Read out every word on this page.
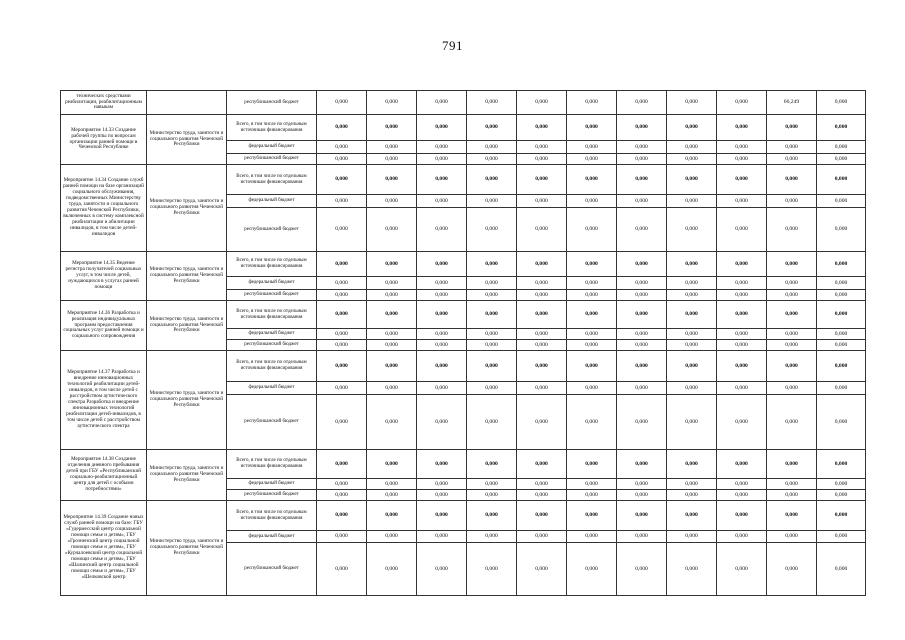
791
технических средствами реабилитации, реабилитационным навыкам		республиканский бюджет	0,000	0,000	0,000	0,000	0,000	0,000	0,000	0,000	0,000	66,249	0,000
Мероприятие 14.33 Создание рабочей группы по вопросам организации ранней помощи в Чеченской Республике	Министерство труда, занятости и социального развития Чеченской Республики	Всего, в том числе по отдельным источникам финансирования	0,000	0,000	0,000	0,000	0,000	0,000	0,000	0,000	0,000	0,000	0,000
		федеральный бюджет	0,000	0,000	0,000	0,000	0,000	0,000	0,000	0,000	0,000	0,000	0,000
		республиканский бюджет	0,000	0,000	0,000	0,000	0,000	0,000	0,000	0,000	0,000	0,000	0,000
Мероприятие 14.34 Создание служб ранней помощи на базе организаций социального обслуживания, подведомственных Министерству труда, занятости и социального развития Чеченской Республики, включенных в систему комплексной реабилитации и абилитации инвалидов, в том числе детей-инвалидов	Министерство труда, занятости и социального развития Чеченской Республики	Всего, в том числе по отдельным источникам финансирования	0,000	0,000	0,000	0,000	0,000	0,000	0,000	0,000	0,000	0,000	0,000
		федеральный бюджет	0,000	0,000	0,000	0,000	0,000	0,000	0,000	0,000	0,000	0,000	0,000
		республиканский бюджет	0,000	0,000	0,000	0,000	0,000	0,000	0,000	0,000	0,000	0,000	0,000
Мероприятие 14.35 Ведение регистра получателей социальных услуг, в том числе детей, нуждающихся в услугах ранней помощи	Министерство труда, занятости и социального развития Чеченской Республики	Всего, в том числе по отдельным источникам финансирования	0,000	0,000	0,000	0,000	0,000	0,000	0,000	0,000	0,000	0,000	0,000
		федеральный бюджет	0,000	0,000	0,000	0,000	0,000	0,000	0,000	0,000	0,000	0,000	0,000
		республиканский бюджет	0,000	0,000	0,000	0,000	0,000	0,000	0,000	0,000	0,000	0,000	0,000
Мероприятие 14.36 Разработка и реализация индивидуальных программ предоставления социальных услуг ранней помощи и социального сопровождения	Министерство труда, занятости и социального развития Чеченской Республики	Всего, в том числе по отдельным источникам финансирования	0,000	0,000	0,000	0,000	0,000	0,000	0,000	0,000	0,000	0,000	0,000
		федеральный бюджет	0,000	0,000	0,000	0,000	0,000	0,000	0,000	0,000	0,000	0,000	0,000
		республиканский бюджет	0,000	0,000	0,000	0,000	0,000	0,000	0,000	0,000	0,000	0,000	0,000
Мероприятие 14.37 Разработка и внедрение инновационных технологий реабилитации детей-инвалидов, в том числе детей с расстройством аутистического спектра Разработка и внедрение инновационных технологий реабилитации детей-инвалидов, в том числе детей с расстройством аутистического спектра	Министерство труда, занятости и социального развития Чеченской Республики	Всего, в том числе по отдельным источникам финансирования	0,000	0,000	0,000	0,000	0,000	0,000	0,000	0,000	0,000	0,000	0,000
		федеральный бюджет	0,000	0,000	0,000	0,000	0,000	0,000	0,000	0,000	0,000	0,000	0,000
		республиканский бюджет	0,000	0,000	0,000	0,000	0,000	0,000	0,000	0,000	0,000	0,000	0,000
Мероприятие 14.38 Создание отделения дневного пребывания детей при ГБУ «Республиканский социально-реабилитационный центр для детей с особыми потребностями»	Министерство труда, занятости и социального развития Чеченской Республики	Всего, в том числе по отдельным источникам финансирования	0,000	0,000	0,000	0,000	0,000	0,000	0,000	0,000	0,000	0,000	0,000
		федеральный бюджет	0,000	0,000	0,000	0,000	0,000	0,000	0,000	0,000	0,000	0,000	0,000
		республиканский бюджет	0,000	0,000	0,000	0,000	0,000	0,000	0,000	0,000	0,000	0,000	0,000
Мероприятие 14.39 Создание новых служб ранней помощи на базе: ГБУ «Гудермесский центр социальной помощи семье и детям», ГБУ «Грозненский центр социальной помощи семье и детям», ГБУ «Курчалоевский центр социальной помощи семье и детям», ГБУ «Шалинский центр социальной помощи семье и детям», ГБУ «Шелковской центр	Министерство труда, занятости и социального развития Чеченской Республики	Всего, в том числе по отдельным источникам финансирования	0,000	0,000	0,000	0,000	0,000	0,000	0,000	0,000	0,000	0,000	0,000
		федеральный бюджет	0,000	0,000	0,000	0,000	0,000	0,000	0,000	0,000	0,000	0,000	0,000
		республиканский бюджет	0,000	0,000	0,000	0,000	0,000	0,000	0,000	0,000	0,000	0,000	0,000
